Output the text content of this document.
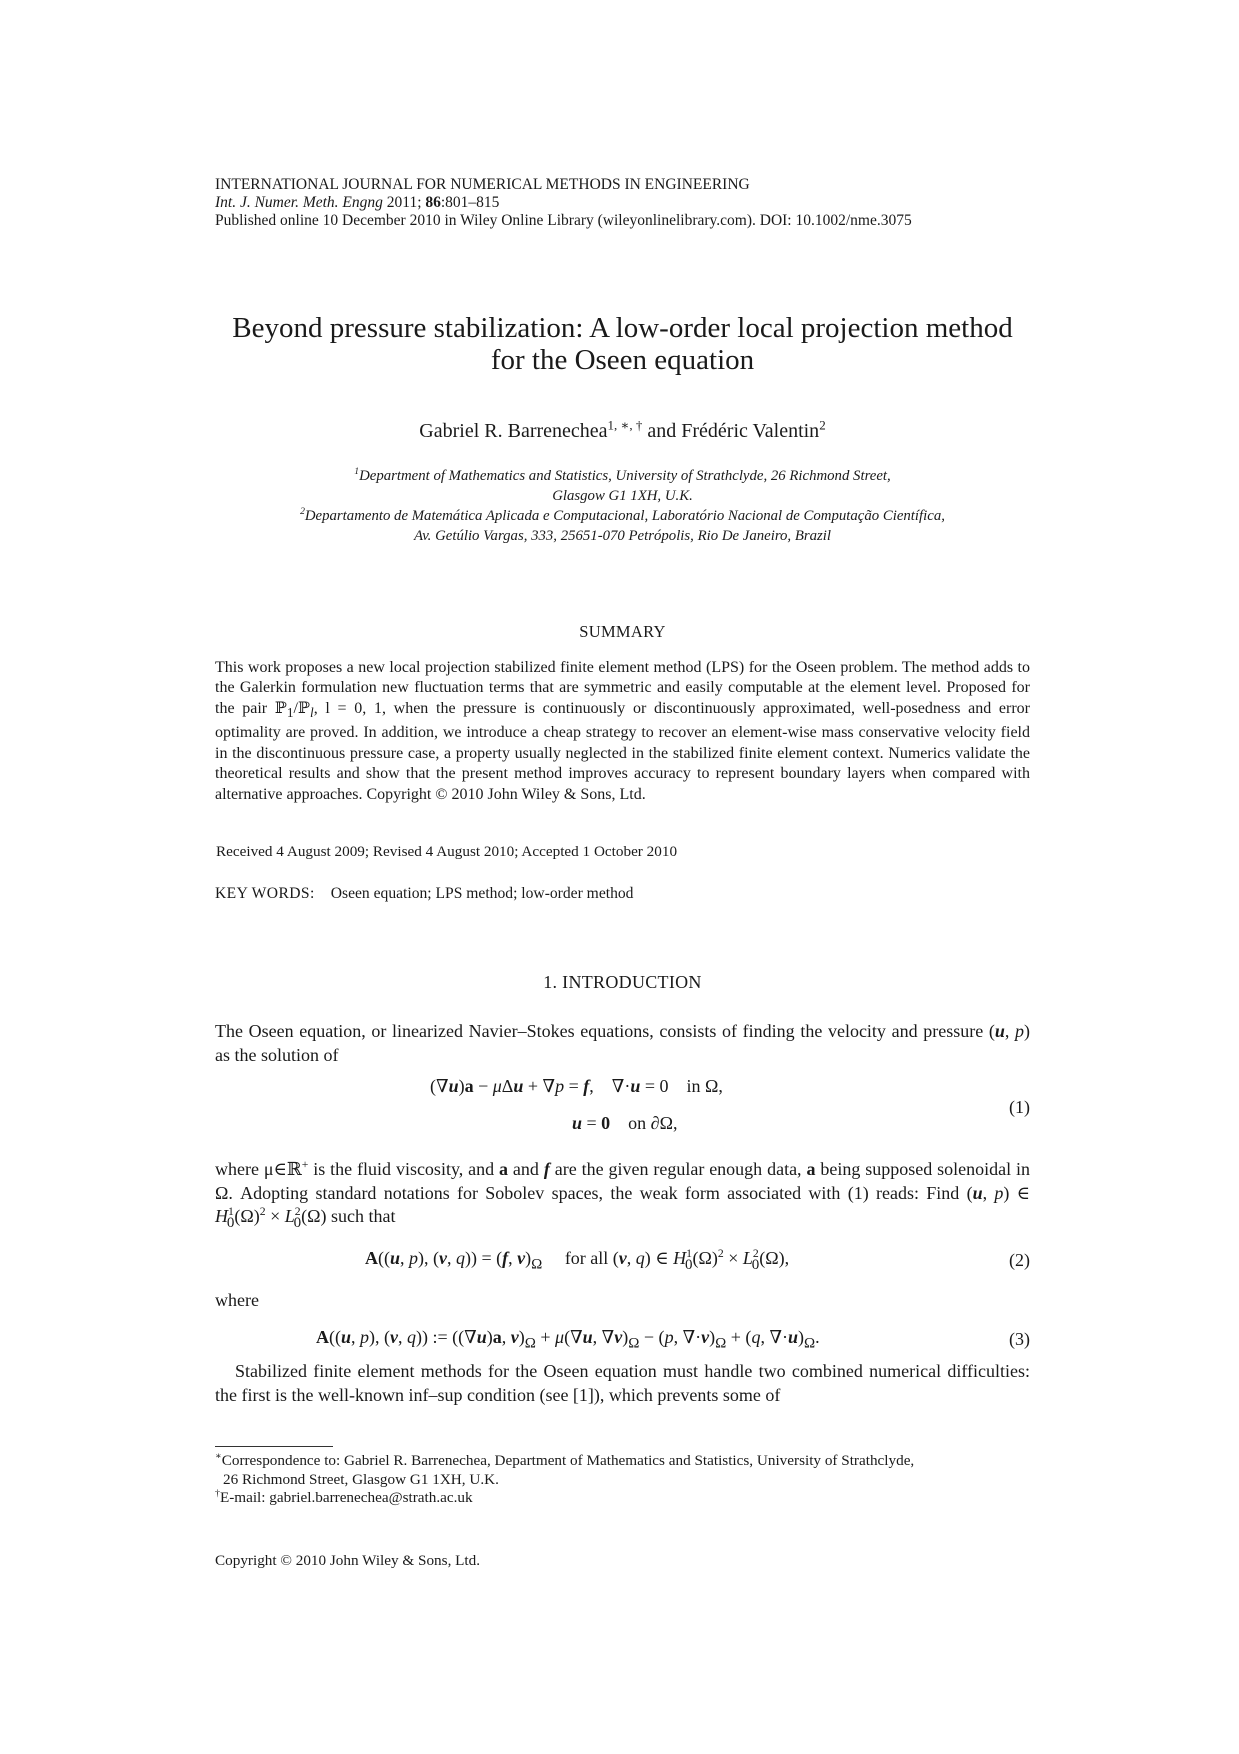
INTERNATIONAL JOURNAL FOR NUMERICAL METHODS IN ENGINEERING
Int. J. Numer. Meth. Engng 2011; 86:801–815
Published online 10 December 2010 in Wiley Online Library (wileyonlinelibrary.com). DOI: 10.1002/nme.3075
Beyond pressure stabilization: A low-order local projection method
for the Oseen equation
Gabriel R. Barrenechea$^{1, ∗, \dagger}$ and Frédéric Valentin$^2$
$^1$Department of Mathematics and Statistics, University of Strathclyde, 26 Richmond Street,
Glasgow G1 1XH, U.K.
$^2$Departamento de Matemática Aplicada e Computacional, Laboratório Nacional de Computação Científica,
Av. Getúlio Vargas, 333, 25651-070 Petrópolis, Rio De Janeiro, Brazil
SUMMARY
This work proposes a new local projection stabilized finite element method (LPS) for the Oseen problem. The method adds to the Galerkin formulation new fluctuation terms that are symmetric and easily computable at the element level. Proposed for the pair ℙ$_1$/ℙ$_l$, l = 0, 1, when the pressure is continuously or discontinuously approximated, well-posedness and error optimality are proved. In addition, we introduce a cheap strategy to recover an element-wise mass conservative velocity field in the discontinuous pressure case, a property usually neglected in the stabilized finite element context. Numerics validate the theoretical results and show that the present method improves accuracy to represent boundary layers when compared with alternative approaches. Copyright © 2010 John Wiley & Sons, Ltd.
Received 4 August 2009; Revised 4 August 2010; Accepted 1 October 2010
KEY WORDS: Oseen equation; LPS method; low-order method
1. INTRODUCTION
The Oseen equation, or linearized Navier–Stokes equations, consists of finding the velocity and pressure (u, p) as the solution of
(∇u)a − μΔu + ∇p = f,    ∇·u = 0    in Ω,
u = 0 on ∂Ω,
(1)
where μ∈ℝ+ is the fluid viscosity, and a and f are the given regular enough data, a being supposed solenoidal in Ω. Adopting standard notations for Sobolev spaces, the weak form associated with (1) reads: Find (u, p) ∈ $H^1_0(\Omega)^2 \times L^2_0(\Omega)$ such that
A((u, p), (v, q)) = (f, $v)_\Omega$ for all (v, q) ∈ $H^1_0(\Omega)^2 \times L^2_0(\Omega)$,	(2)
where
A((u, p), (v, q)) := ((∇u)a, $v)_\Omega + \mu(\nabla u$, $\nabla v)_\Omega - (p$, $\nabla\cdot v)_\Omega + (q$, $\nabla\cdot u)_\Omega$.	(3)
Stabilized finite element methods for the Oseen equation must handle two combined numerical difficulties: the first is the well-known inf–sup condition (see [1]), which prevents some of
∗Correspondence to: Gabriel R. Barrenechea, Department of Mathematics and Statistics, University of Strathclyde,
26 Richmond Street, Glasgow G1 1XH, U.K.
†E-mail: gabriel.barrenechea@strath.ac.uk
Copyright © 2010 John Wiley & Sons, Ltd.
